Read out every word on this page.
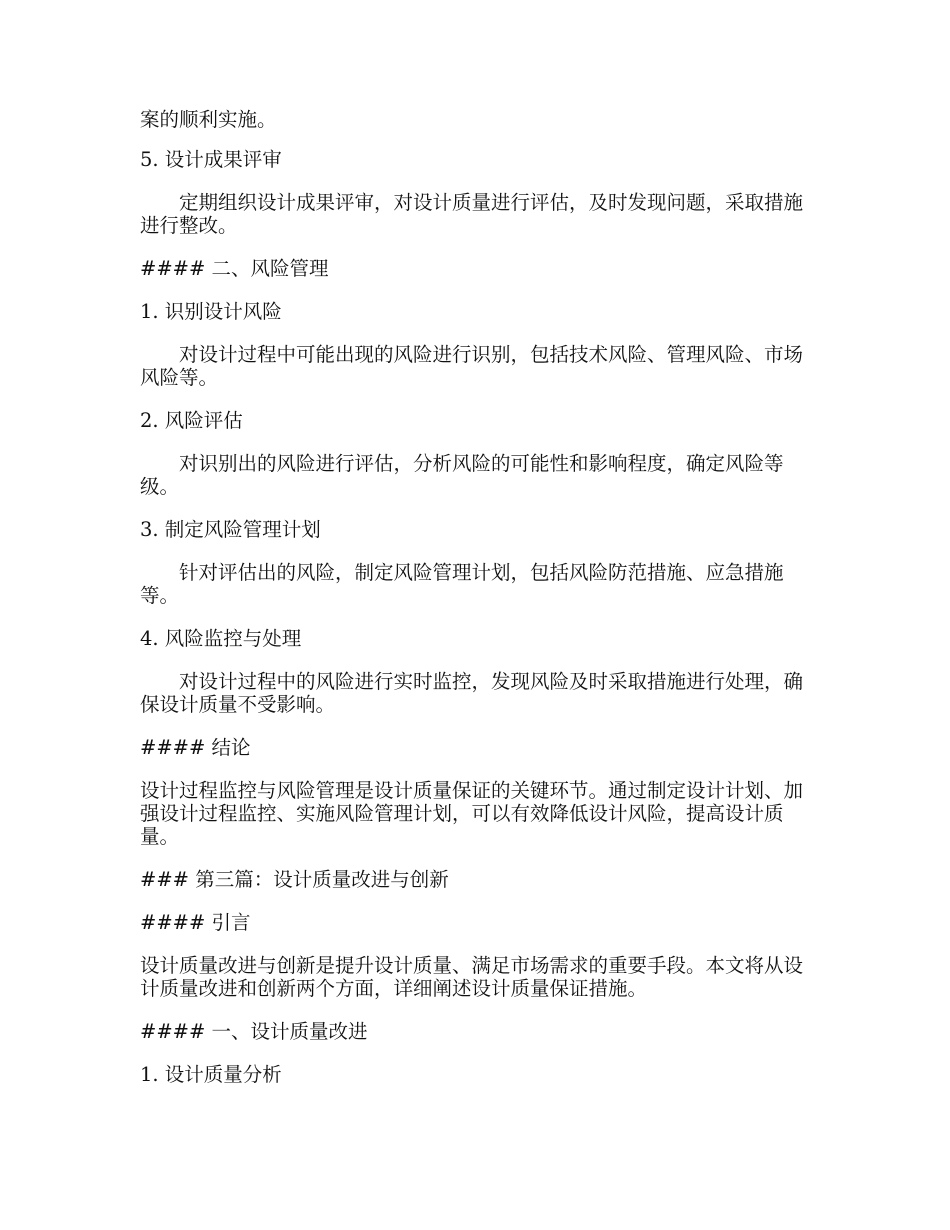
案的顺利实施。

5. 设计成果评审

定期组织设计成果评审，对设计质量进行评估，及时发现问题，采取措施进行整改。

#### 二、风险管理

1. 识别设计风险

对设计过程中可能出现的风险进行识别，包括技术风险、管理风险、市场风险等。

2. 风险评估

对识别出的风险进行评估，分析风险的可能性和影响程度，确定风险等级。

3. 制定风险管理计划

针对评估出的风险，制定风险管理计划，包括风险防范措施、应急措施等。

4. 风险监控与处理

对设计过程中的风险进行实时监控，发现风险及时采取措施进行处理，确保设计质量不受影响。

#### 结论

设计过程监控与风险管理是设计质量保证的关键环节。通过制定设计计划、加强设计过程监控、实施风险管理计划，可以有效降低设计风险，提高设计质量。

### 第三篇：设计质量改进与创新

#### 引言

设计质量改进与创新是提升设计质量、满足市场需求的重要手段。本文将从设计质量改进和创新两个方面，详细阐述设计质量保证措施。

#### 一、设计质量改进

1. 设计质量分析
